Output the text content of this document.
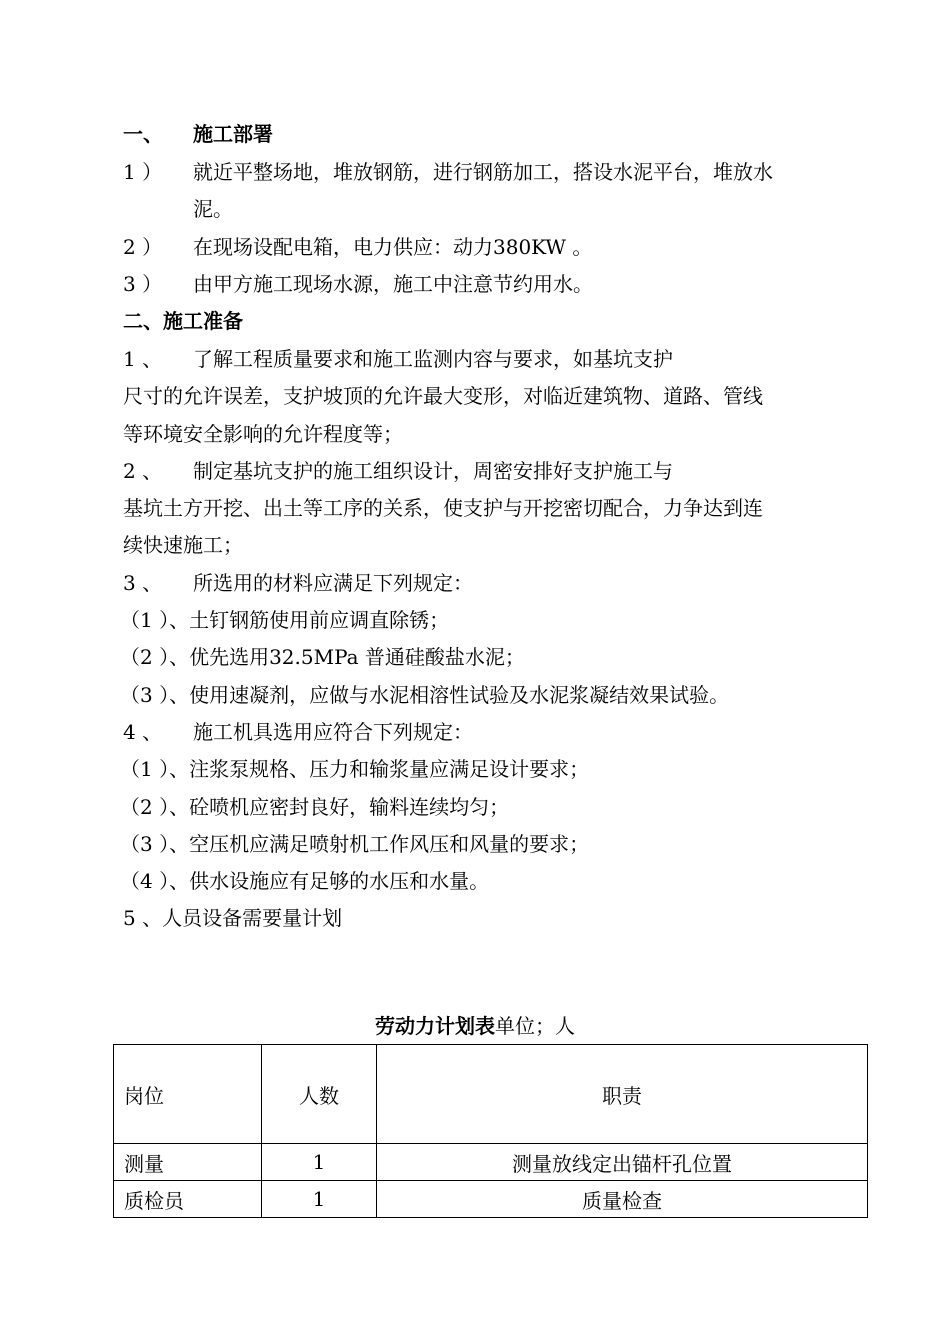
一、 施工部署
1 ） 就近平整场地，堆放钢筋，进行钢筋加工，搭设水泥平台，堆放水
泥。
2 ） 在现场设配电箱，电力供应：动力380KW 。
3 ） 由甲方施工现场水源，施工中注意节约用水。
二、施工准备
1 、 了解工程质量要求和施工监测内容与要求，如基坑支护
尺寸的允许误差，支护坡顶的允许最大变形，对临近建筑物、道路、管线
等环境安全影响的允许程度等；
2 、 制定基坑支护的施工组织设计，周密安排好支护施工与
基坑土方开挖、出土等工序的关系，使支护与开挖密切配合，力争达到连
续快速施工；
3 、 所选用的材料应满足下列规定：
（1 ）、土钉钢筋使用前应调直除锈；
（2 ）、优先选用32.5MPa 普通硅酸盐水泥；
（3 ）、使用速凝剂，应做与水泥相溶性试验及水泥浆凝结效果试验。
4 、 施工机具选用应符合下列规定：
（1 ）、注浆泵规格、压力和输浆量应满足设计要求；
（2 ）、砼喷机应密封良好，输料连续均匀；
（3 ）、空压机应满足喷射机工作风压和风量的要求；
（4 ）、供水设施应有足够的水压和水量。
5 、人员设备需要量计划
劳动力计划表单位；人
岗位	人数	职责
测量	1	测量放线定出锚杆孔位置
质检员	1	质量检查
